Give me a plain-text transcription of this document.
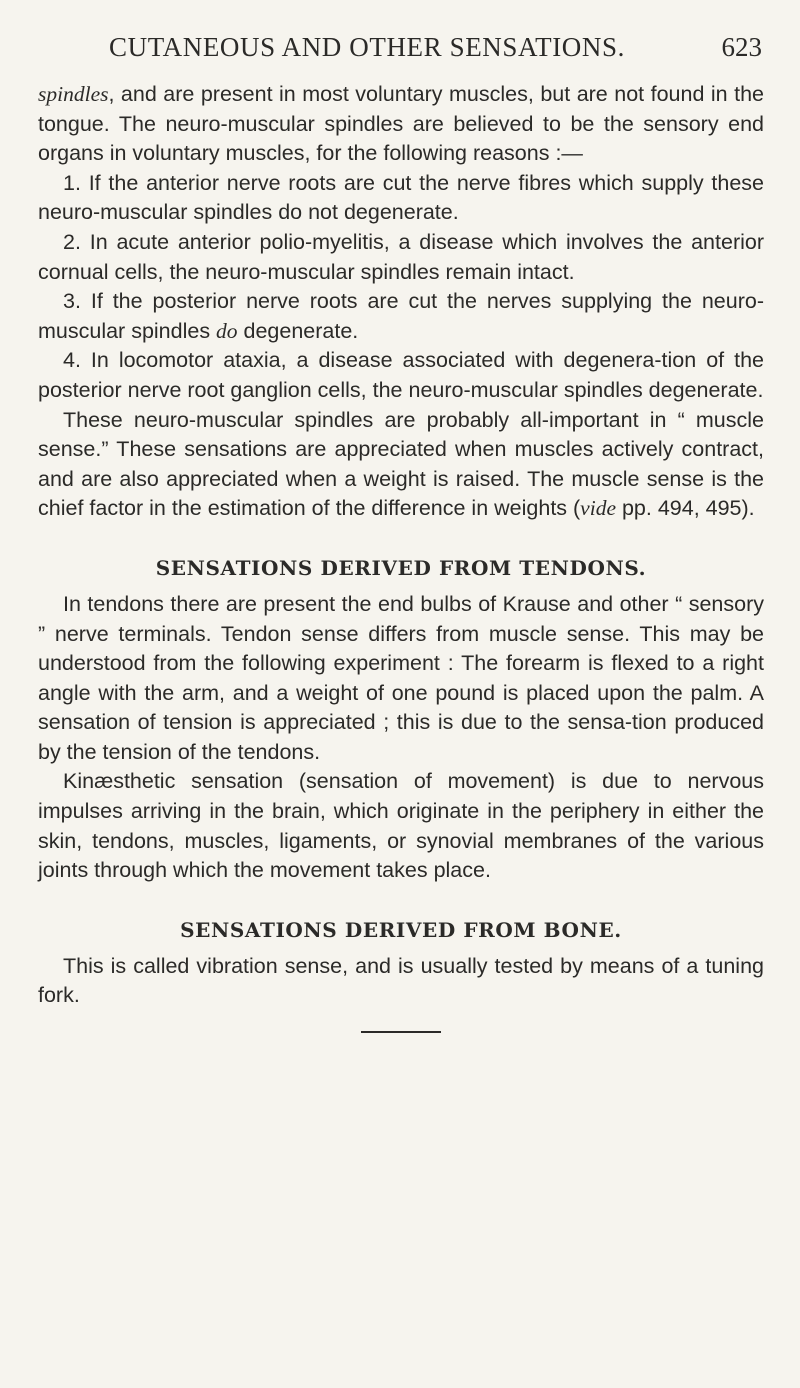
CUTANEOUS AND OTHER SENSATIONS.	623

spindles, and are present in most voluntary muscles, but are not found in the tongue. The neuro-muscular spindles are believed to be the sensory end organs in voluntary muscles, for the following reasons :—

1. If the anterior nerve roots are cut the nerve fibres which supply these neuro-muscular spindles do not degenerate.

2. In acute anterior polio-myelitis, a disease which involves the anterior cornual cells, the neuro-muscular spindles remain intact.

3. If the posterior nerve roots are cut the nerves supplying the neuro-muscular spindles do degenerate.

4. In locomotor ataxia, a disease associated with degenera-tion of the posterior nerve root ganglion cells, the neuro-muscular spindles degenerate.

These neuro-muscular spindles are probably all-important in “ muscle sense.” These sensations are appreciated when muscles actively contract, and are also appreciated when a weight is raised. The muscle sense is the chief factor in the estimation of the difference in weights (vide pp. 494, 495).

SENSATIONS DERIVED FROM TENDONS.

In tendons there are present the end bulbs of Krause and other “ sensory ” nerve terminals. Tendon sense differs from muscle sense. This may be understood from the following experiment : The forearm is flexed to a right angle with the arm, and a weight of one pound is placed upon the palm. A sensation of tension is appreciated ; this is due to the sensa-tion produced by the tension of the tendons.

Kinæsthetic sensation (sensation of movement) is due to nervous impulses arriving in the brain, which originate in the periphery in either the skin, tendons, muscles, ligaments, or synovial membranes of the various joints through which the movement takes place.

SENSATIONS DERIVED FROM BONE.

This is called vibration sense, and is usually tested by means of a tuning fork.
